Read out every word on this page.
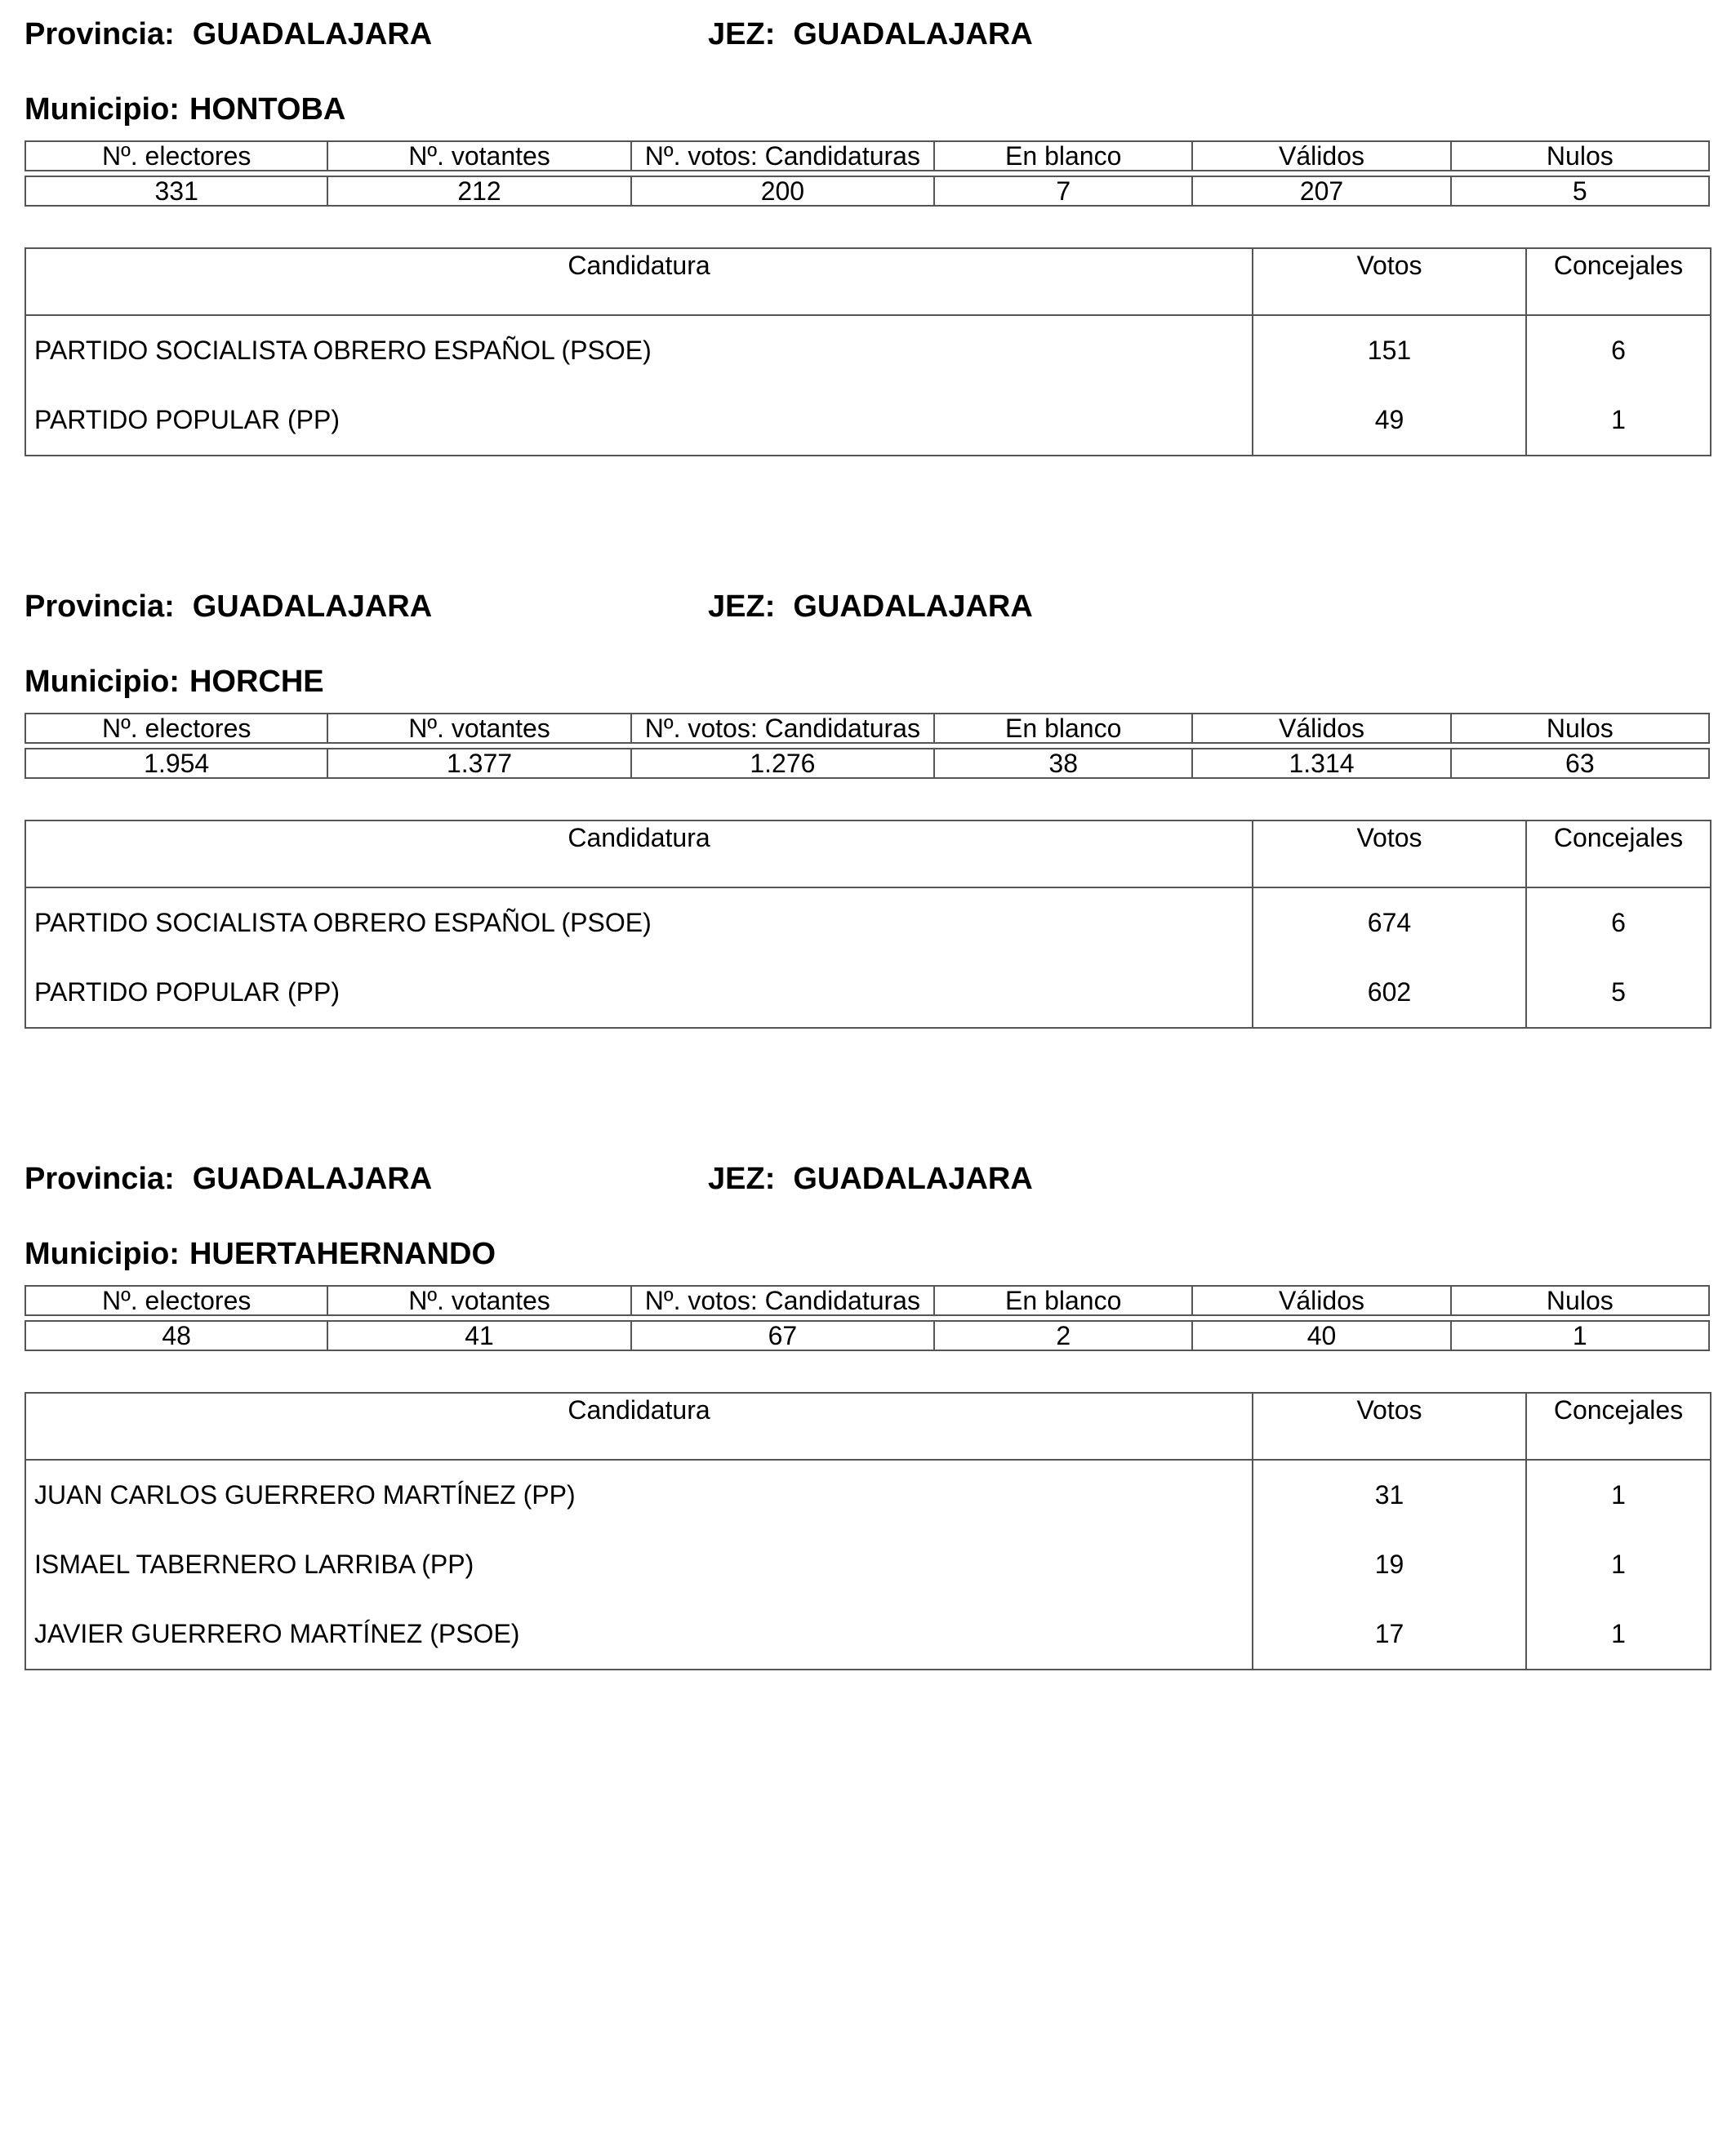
Provincia: GUADALAJARA	JEZ: GUADALAJARA
Municipio: HONTOBA
Nº. electores	Nº. votantes	Nº. votos: Candidaturas	En blanco	Válidos	Nulos
331	212	200	7	207	5
Candidatura	Votos	Concejales
PARTIDO SOCIALISTA OBRERO ESPAÑOL (PSOE)	151	6
PARTIDO POPULAR (PP)	49	1
Provincia: GUADALAJARA	JEZ: GUADALAJARA
Municipio: HORCHE
Nº. electores	Nº. votantes	Nº. votos: Candidaturas	En blanco	Válidos	Nulos
1.954	1.377	1.276	38	1.314	63
Candidatura	Votos	Concejales
PARTIDO SOCIALISTA OBRERO ESPAÑOL (PSOE)	674	6
PARTIDO POPULAR (PP)	602	5
Provincia: GUADALAJARA	JEZ: GUADALAJARA
Municipio: HUERTAHERNANDO
Nº. electores	Nº. votantes	Nº. votos: Candidaturas	En blanco	Válidos	Nulos
48	41	67	2	40	1
Candidatura	Votos	Concejales
JUAN CARLOS GUERRERO MARTÍNEZ (PP)	31	1
ISMAEL TABERNERO LARRIBA (PP)	19	1
JAVIER GUERRERO MARTÍNEZ (PSOE)	17	1
